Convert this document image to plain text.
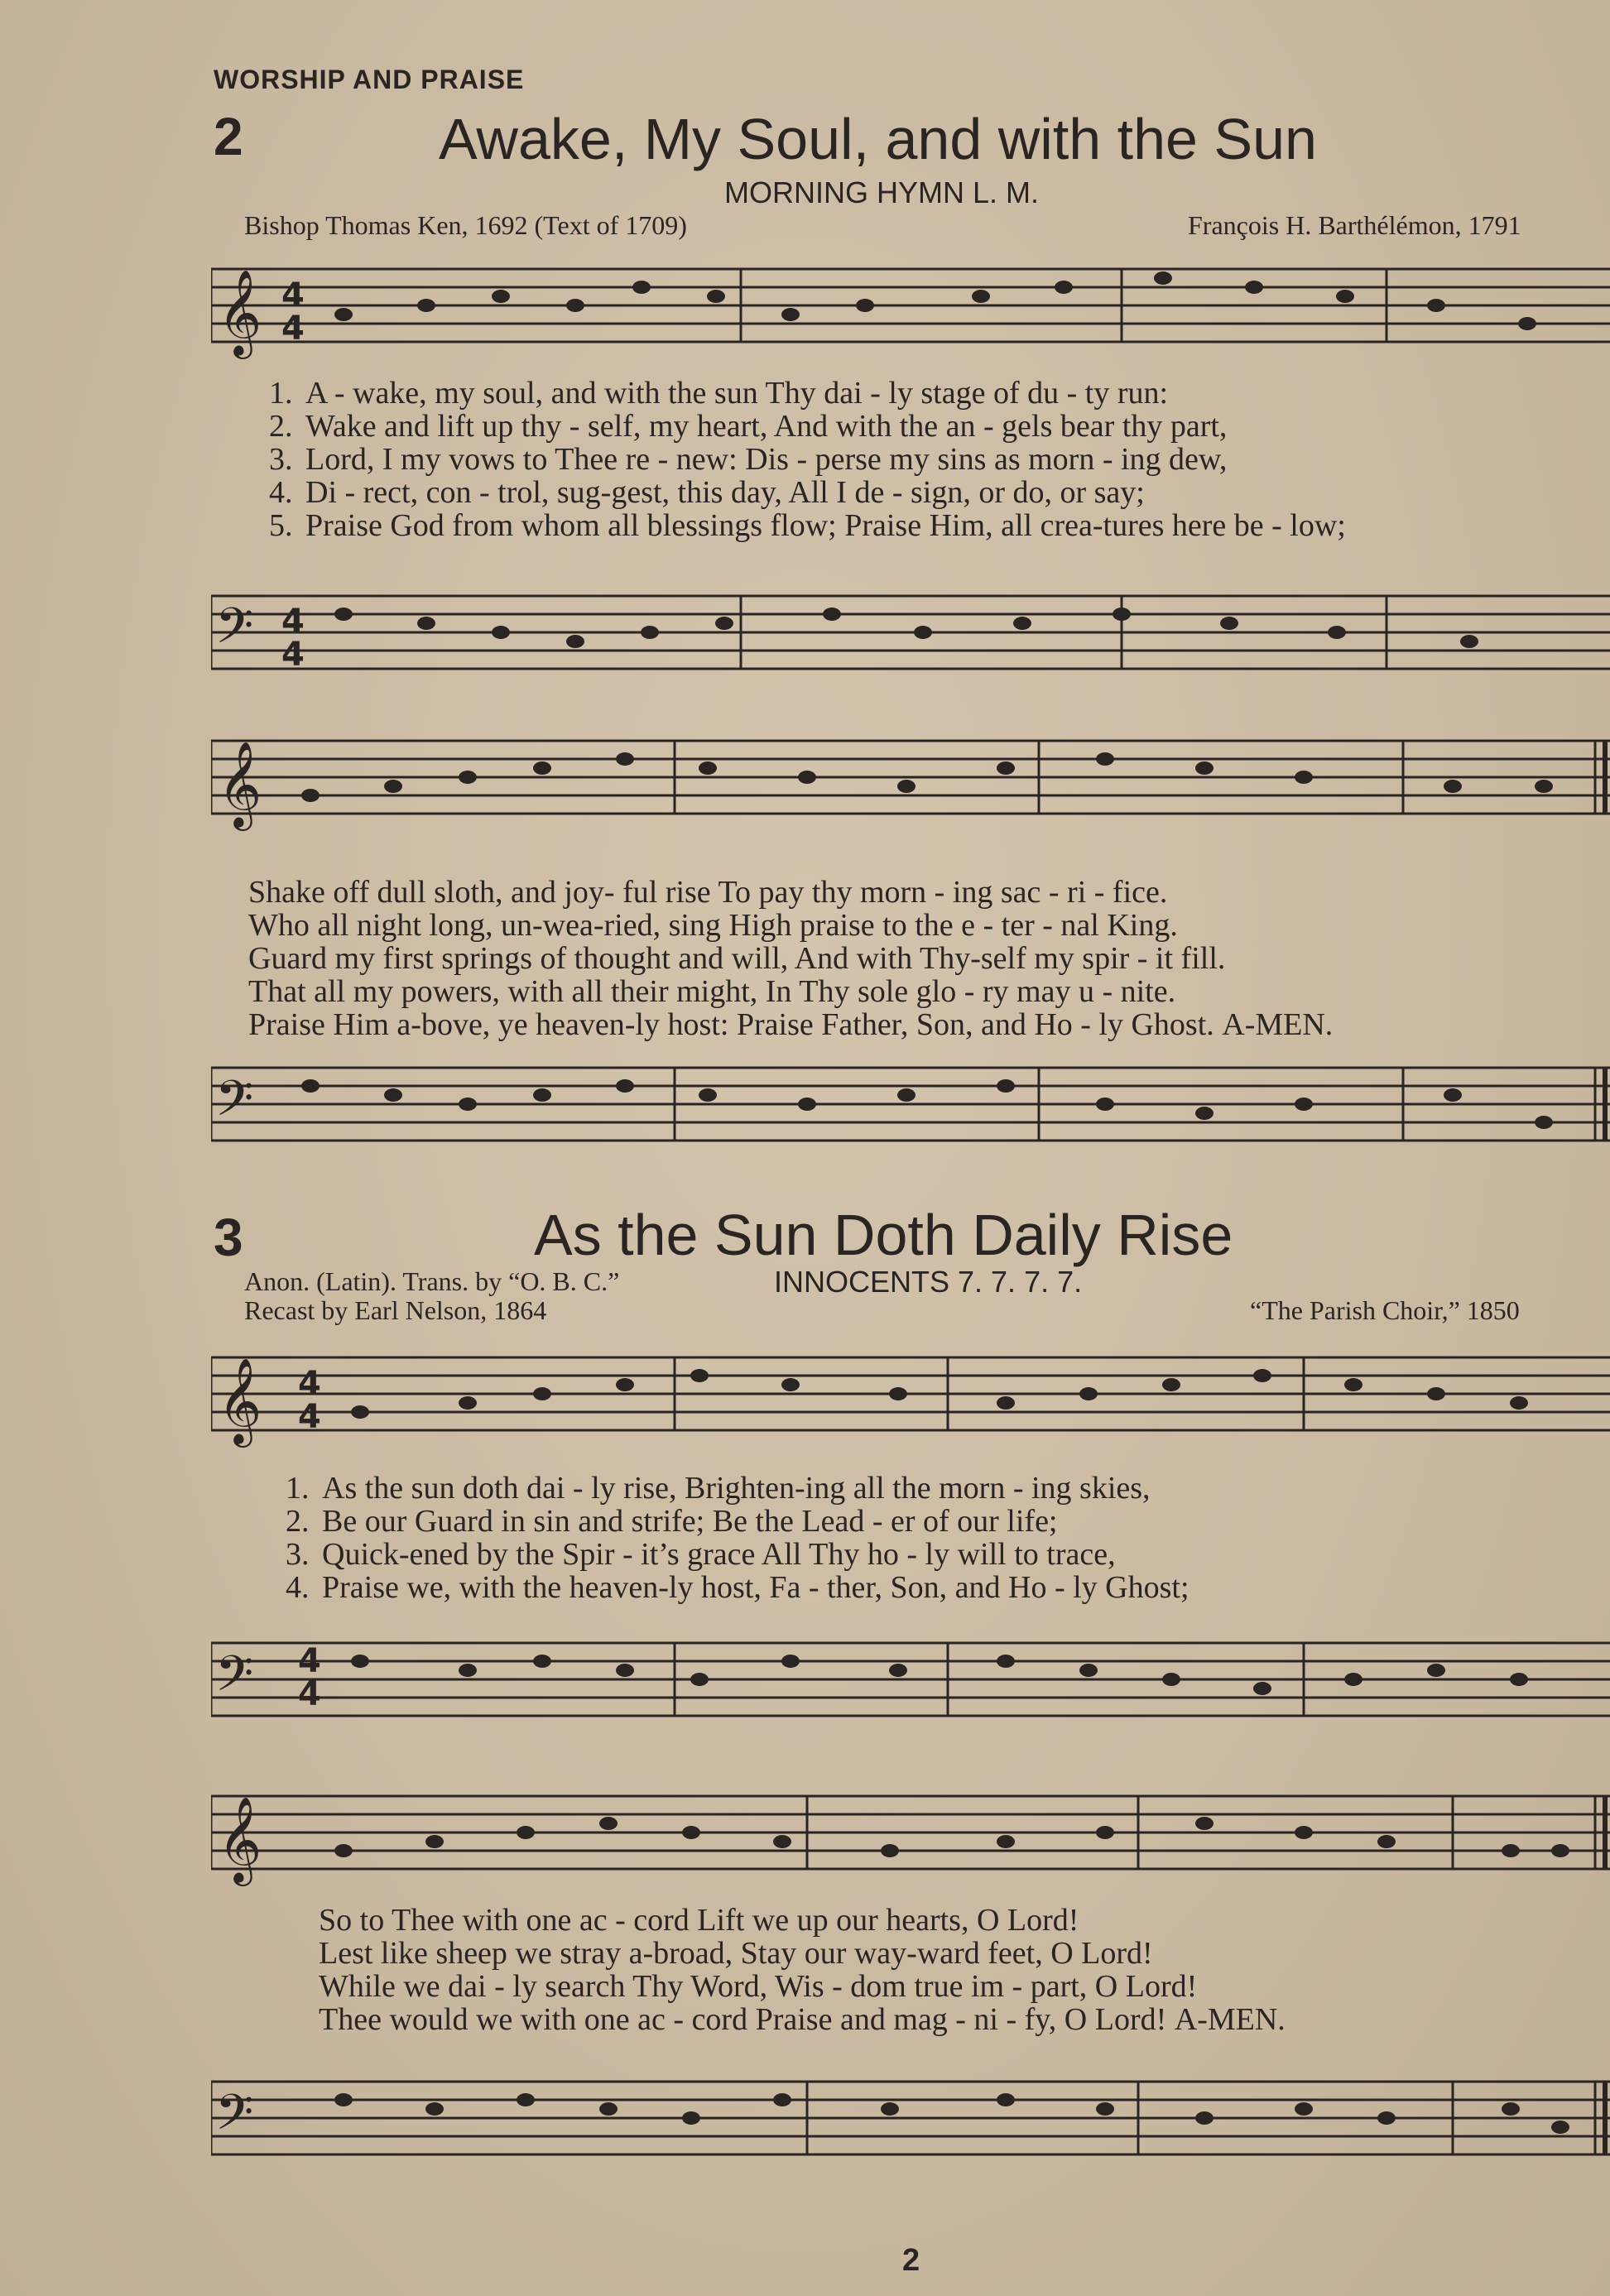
WORSHIP AND PRAISE
2	Awake, My Soul, and with the Sun
MORNING HYMN L. M.
Bishop Thomas Ken, 1692 (Text of 1709)	François H. Barthélémon, 1791
𝄞 4
4
1. A - wake, my soul, and with the sun Thy dai - ly stage of du - ty run:
2. Wake and lift up thy - self, my heart, And with the an - gels bear thy part,
3. Lord, I my vows to Thee re - new: Dis - perse my sins as morn - ing dew,
4. Di - rect, con - trol, sug-gest, this day, All I de - sign, or do, or say;
5. Praise God from whom all blessings flow; Praise Him, all crea-tures here be - low;
𝄢 4
4
𝄞
Shake off dull sloth, and joy- ful rise To pay thy morn - ing sac - ri - fice.
Who all night long, un-wea-ried, sing High praise to the e - ter - nal King.
Guard my first springs of thought and will, And with Thy-self my spir - it fill.
That all my powers, with all their might, In Thy sole glo - ry may u - nite.
Praise Him a-bove, ye heaven-ly host: Praise Father, Son, and Ho - ly Ghost. A-MEN.
𝄢
3	As the Sun Doth Daily Rise
Anon. (Latin). Trans. by “O. B. C.”	INNOCENTS 7. 7. 7. 7.
Recast by Earl Nelson, 1864	“The Parish Choir,” 1850
𝄞 4
4
1. As the sun doth dai - ly rise, Brighten-ing all the morn - ing skies,
2. Be our Guard in sin and strife; Be the Lead - er of our life;
3. Quick-ened by the Spir - it’s grace All Thy ho - ly will to trace,
4. Praise we, with the heaven-ly host, Fa - ther, Son, and Ho - ly Ghost;
𝄢 4
4
𝄞
So to Thee with one ac - cord Lift we up our hearts, O Lord!
Lest like sheep we stray a-broad, Stay our way-ward feet, O Lord!
While we dai - ly search Thy Word, Wis - dom true im - part, O Lord!
Thee would we with one ac - cord Praise and mag - ni - fy, O Lord! A-MEN.
𝄢
2
